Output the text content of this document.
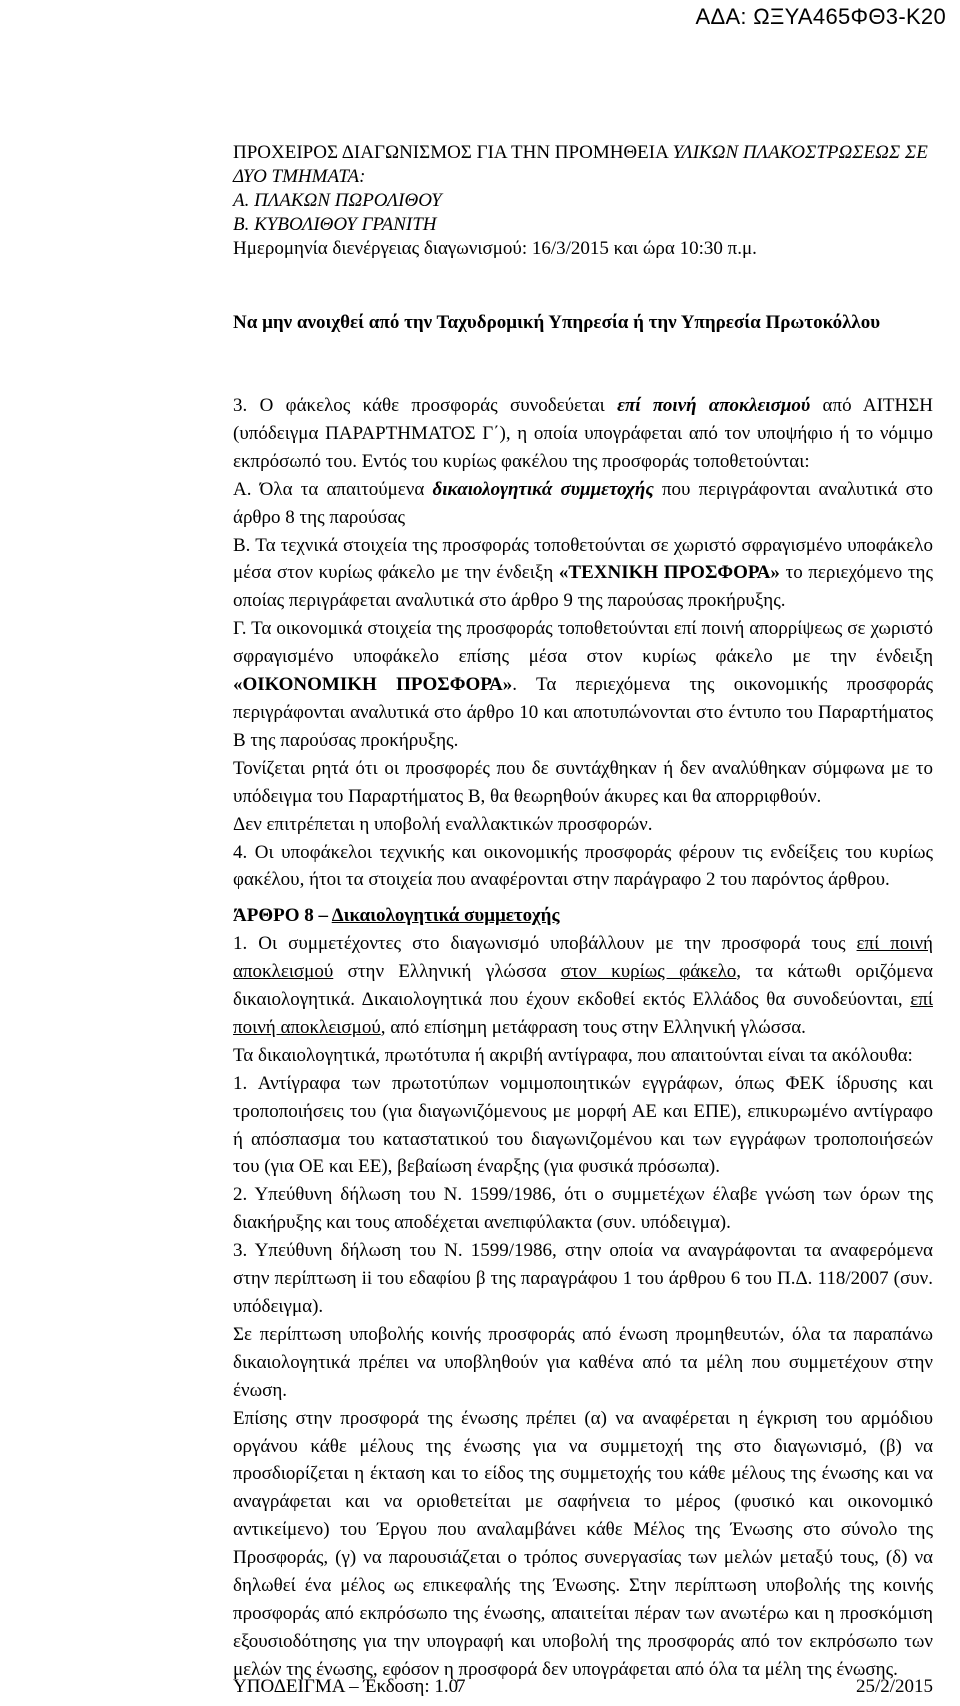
ΑΔΑ: ΩΞΥΑ465ΦΘ3-Κ20
ΠΡΟΧΕΙΡΟΣ ΔΙΑΓΩΝΙΣΜΟΣ ΓΙΑ ΤΗΝ ΠΡΟΜΗΘΕΙΑ ΥΛΙΚΩΝ ΠΛΑΚΟΣΤΡΩΣΕΩΣ ΣΕ
ΔΥΟ ΤΜΗΜΑΤΑ:
Α. ΠΛΑΚΩΝ ΠΩΡΟΛΙΘΟΥ
Β. ΚΥΒΟΛΙΘΟΥ ΓΡΑΝΙΤΗ
Ημερομηνία διενέργειας διαγωνισμού: 16/3/2015 και ώρα 10:30 π.μ.
Να μην ανοιχθεί από την Ταχυδρομική Υπηρεσία ή την Υπηρεσία Πρωτοκόλλου

3. Ο φάκελος κάθε προσφοράς συνοδεύεται επί ποινή αποκλεισμού από ΑΙΤΗΣΗ (υπόδειγμα ΠΑΡΑΡΤΗΜΑΤΟΣ Γ΄), η οποία υπογράφεται από τον υποψήφιο ή το νόμιμο εκπρόσωπό του. Εντός του κυρίως φακέλου της προσφοράς τοποθετούνται:

Α. Όλα τα απαιτούμενα δικαιολογητικά συμμετοχής που περιγράφονται αναλυτικά στο άρθρο 8 της παρούσας

Β. Τα τεχνικά στοιχεία της προσφοράς τοποθετούνται σε χωριστό σφραγισμένο υποφάκελο μέσα στον κυρίως φάκελο με την ένδειξη «ΤΕΧΝΙΚΗ ΠΡΟΣΦΟΡΑ» το περιεχόμενο της οποίας περιγράφεται αναλυτικά στο άρθρο 9 της παρούσας προκήρυξης.

Γ. Τα οικονομικά στοιχεία της προσφοράς τοποθετούνται επί ποινή απορρίψεως σε χωριστό σφραγισμένο υποφάκελο επίσης μέσα στον κυρίως φάκελο με την ένδειξη «ΟΙΚΟΝΟΜΙΚΗ ΠΡΟΣΦΟΡΑ». Τα περιεχόμενα της οικονομικής προσφοράς περιγράφονται αναλυτικά στο άρθρο 10 και αποτυπώνονται στο έντυπο του Παραρτήματος Β της παρούσας προκήρυξης.

Τονίζεται ρητά ότι οι προσφορές που δε συντάχθηκαν ή δεν αναλύθηκαν σύμφωνα με το υπόδειγμα του Παραρτήματος Β, θα θεωρηθούν άκυρες και θα απορριφθούν.

Δεν επιτρέπεται η υποβολή εναλλακτικών προσφορών.

4. Οι υποφάκελοι τεχνικής και οικονομικής προσφοράς φέρουν τις ενδείξεις του κυρίως φακέλου, ήτοι τα στοιχεία που αναφέρονται στην παράγραφο 2 του παρόντος άρθρου.

ΆΡΘΡΟ 8 – Δικαιολογητικά συμμετοχής

1. Οι συμμετέχοντες στο διαγωνισμό υποβάλλουν με την προσφορά τους επί ποινή αποκλεισμού στην Ελληνική γλώσσα στον κυρίως φάκελο, τα κάτωθι οριζόμενα δικαιολογητικά. Δικαιολογητικά που έχουν εκδοθεί εκτός Ελλάδος θα συνοδεύονται, επί ποινή αποκλεισμού, από επίσημη μετάφραση τους στην Ελληνική γλώσσα.

Τα δικαιολογητικά, πρωτότυπα ή ακριβή αντίγραφα, που απαιτούνται είναι τα ακόλουθα:

1. Αντίγραφα των πρωτοτύπων νομιμοποιητικών εγγράφων, όπως ΦΕΚ ίδρυσης και τροποποιήσεις του (για διαγωνιζόμενους με μορφή ΑΕ και ΕΠΕ), επικυρωμένο αντίγραφο ή απόσπασμα του καταστατικού του διαγωνιζομένου και των εγγράφων τροποποιήσεών του (για ΟΕ και ΕΕ), βεβαίωση έναρξης (για φυσικά πρόσωπα).

2. Υπεύθυνη δήλωση του Ν. 1599/1986, ότι ο συμμετέχων έλαβε γνώση των όρων της διακήρυξης και τους αποδέχεται ανεπιφύλακτα (συν. υπόδειγμα).

3. Υπεύθυνη δήλωση του Ν. 1599/1986, στην οποία να αναγράφονται τα αναφερόμενα στην περίπτωση ii του εδαφίου β της παραγράφου 1 του άρθρου 6 του Π.Δ. 118/2007 (συν. υπόδειγμα).

Σε περίπτωση υποβολής κοινής προσφοράς από ένωση προμηθευτών, όλα τα παραπάνω δικαιολογητικά πρέπει να υποβληθούν για καθένα από τα μέλη που συμμετέχουν στην ένωση.

Επίσης στην προσφορά της ένωσης πρέπει (α) να αναφέρεται η έγκριση του αρμόδιου οργάνου κάθε μέλους της ένωσης για να συμμετοχή της στο διαγωνισμό, (β) να προσδιορίζεται η έκταση και το είδος της συμμετοχής του κάθε μέλους της ένωσης και να αναγράφεται και να οριοθετείται με σαφήνεια το μέρος (φυσικό και οικονομικό αντικείμενο) του Έργου που αναλαμβάνει κάθε Μέλος της Ένωσης στο σύνολο της Προσφοράς, (γ) να παρουσιάζεται ο τρόπος συνεργασίας των μελών μεταξύ τους, (δ) να δηλωθεί ένα μέλος ως επικεφαλής της Ένωσης. Στην περίπτωση υποβολής της κοινής προσφοράς από εκπρόσωπο της ένωσης, απαιτείται πέραν των ανωτέρω και η προσκόμιση εξουσιοδότησης για την υπογραφή και υποβολή της προσφοράς από τον εκπρόσωπο των μελών της ένωσης, εφόσον η προσφορά δεν υπογράφεται από όλα τα μέλη της ένωσης.

ΥΠΟΔΕΙΓΜΑ – Έκδοση: 1.0
7	25/2/2015
